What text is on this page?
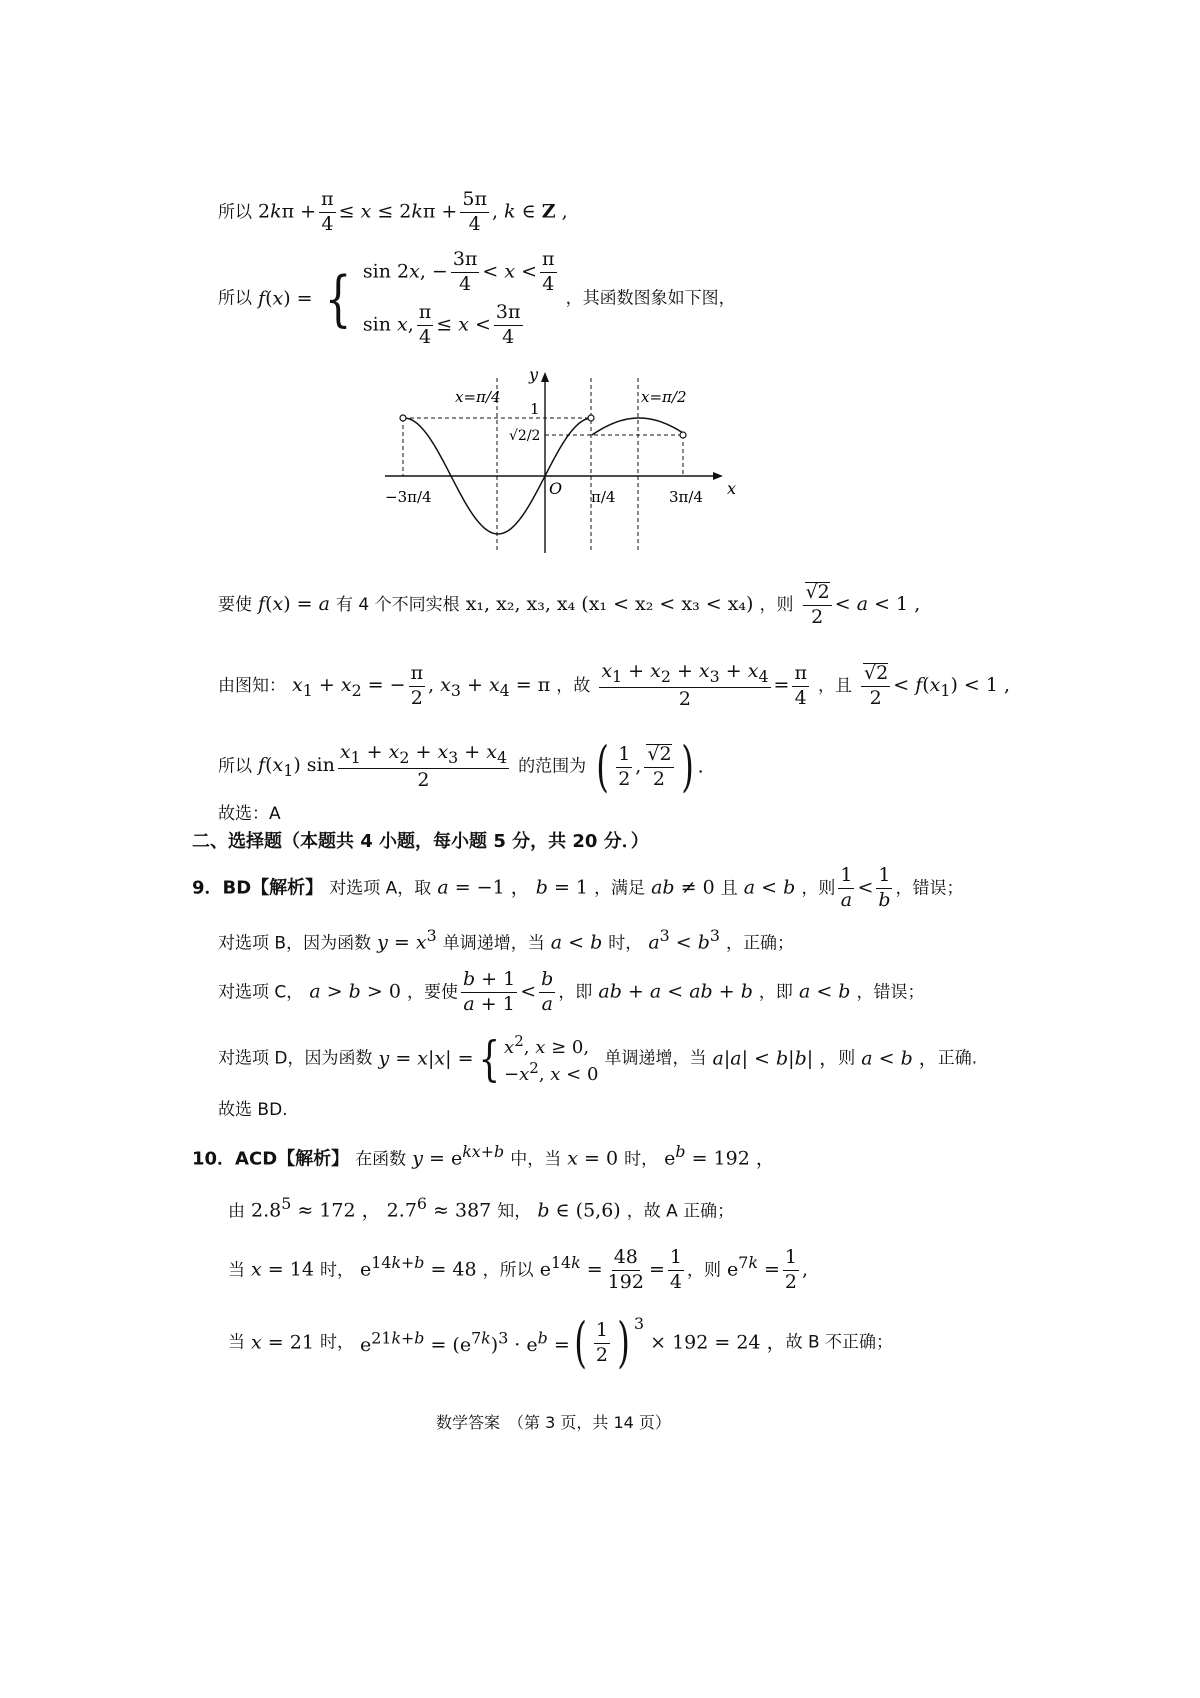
所以 $2k\pi + \frac{\pi}{4} \le x \le 2k\pi + \frac{5\pi}{4}$ , k ∈ Z ,
所以 f(x) = { sin 2x, − $\frac{3\pi}{4} < x < \frac{\pi}{4}$
sin x, $\frac{\pi}{4} \le x < \frac{3\pi}{4}$
，其函数图象如下图，
y
x
O
1
√2/2
x=π/4	x=π/2
−3π/4	π/4	3π/4
要使 f(x) = a 有 4 个不同实根 x₁, x₂, x₃, x₄ (x₁ < x₂ < x₃ < x₄) ，则 $\frac{√2}{2} < a < 1$ ,
由图知： $x_1 + x_2$ = − $\frac{\pi}{2}$ , $x_3 + x_4 = \pi$ ，故 $\frac{x_1 + x_2 + x_3 + x_4}{2} = \frac{\pi}{4}$ ，且 $\frac{√2}{2} < f(x_1) < 1$ ,
所以 $f(x_1)$ $\sin \frac{x_1 + x_2 + x_3 + x_4}{2}$ 的范围为 ( $\frac{1}{2}$ , $\frac{√2}{2}$ ) .
故选：A
二、选择题（本题共 4 小题，每小题 5 分，共 20 分．）
9．BD【解析】 对选项 A，取 a = −1 ， b = 1 ，满足 ab ≠ 0 且 a < b ，则 $\frac{1}{a} < \frac{1}{b}$ ，错误；
对选项 B，因为函数 $y = x^3$ 单调递增，当 a < b 时， $a^3 < b^3$ ，正确；
对选项 C， a > b > 0 ，要使 $\frac{b + 1}{a + 1} < \frac{b}{a}$ ，即 ab + a < ab + b ，即 a < b ，错误；
对选项 D，因为函数 y = x|x| ={ $x^2$, x ≥ 0,
$-x^2$, x < 0
单调递增，当 a|a| < b|b| ，则 a < b ，正确.
故选 BD.
10．ACD【解析】 在函数 $y = e^{kx+b}$ 中，当 x = 0 时， $e^b = 192$ ，
由 $2.8^5 \approx 172$ ， $2.7^6 \approx 387$ 知， b ∈ (5,6) ，故 A 正确；
当 x = 14 时， $e^{14k+b} = 48$ ，所以 $e^{14k} = \frac{48}{192} = \frac{1}{4}$ ，则 $e^{7k} = \frac{1}{2}$ ,
当 x = 21 时， $e^{21k+b} = (e^{7k})^3 \cdot e^b$ =( $\frac{1}{2}$ ) $^3$ × 192 = 24 ，故 B 不正确；
数学答案　（第 3 页，共 14 页）
